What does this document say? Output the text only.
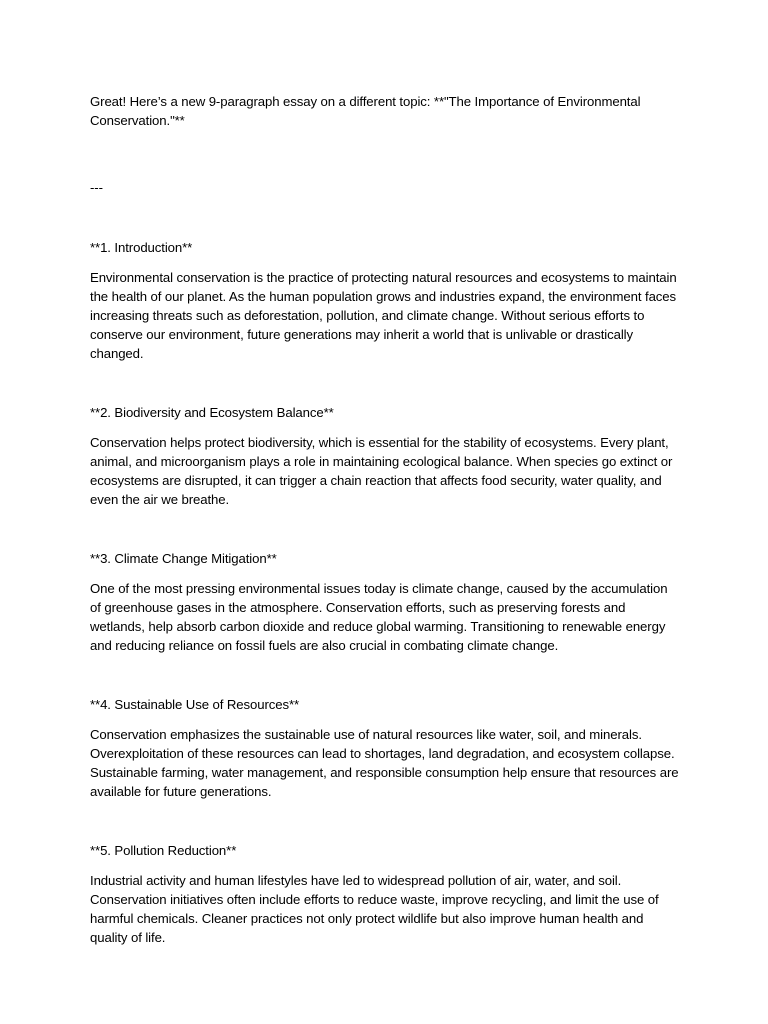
Great! Here’s a new 9-paragraph essay on a different topic: **"The Importance of Environmental Conservation."**

---

**1. Introduction**

Environmental conservation is the practice of protecting natural resources and ecosystems to maintain the health of our planet. As the human population grows and industries expand, the environment faces increasing threats such as deforestation, pollution, and climate change. Without serious efforts to conserve our environment, future generations may inherit a world that is unlivable or drastically changed.

**2. Biodiversity and Ecosystem Balance**

Conservation helps protect biodiversity, which is essential for the stability of ecosystems. Every plant, animal, and microorganism plays a role in maintaining ecological balance. When species go extinct or ecosystems are disrupted, it can trigger a chain reaction that affects food security, water quality, and even the air we breathe.

**3. Climate Change Mitigation**

One of the most pressing environmental issues today is climate change, caused by the accumulation of greenhouse gases in the atmosphere. Conservation efforts, such as preserving forests and wetlands, help absorb carbon dioxide and reduce global warming. Transitioning to renewable energy and reducing reliance on fossil fuels are also crucial in combating climate change.

**4. Sustainable Use of Resources**

Conservation emphasizes the sustainable use of natural resources like water, soil, and minerals. Overexploitation of these resources can lead to shortages, land degradation, and ecosystem collapse. Sustainable farming, water management, and responsible consumption help ensure that resources are available for future generations.

**5. Pollution Reduction**

Industrial activity and human lifestyles have led to widespread pollution of air, water, and soil. Conservation initiatives often include efforts to reduce waste, improve recycling, and limit the use of harmful chemicals. Cleaner practices not only protect wildlife but also improve human health and quality of life.
